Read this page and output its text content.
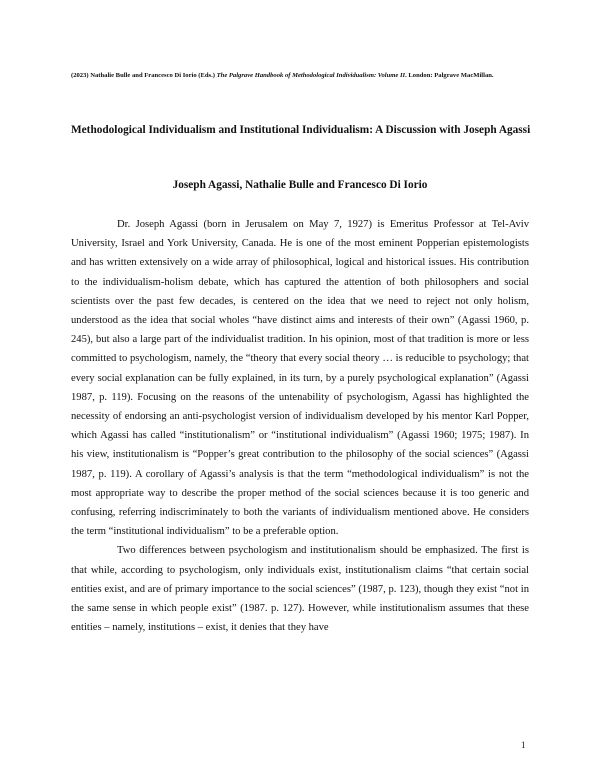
(2023) Nathalie Bulle and Francesco Di Iorio (Eds.) The Palgrave Handbook of Methodological Individualism: Volume II. London: Palgrave MacMillan.
Methodological Individualism and Institutional Individualism: A Discussion with Joseph Agassi
Joseph Agassi, Nathalie Bulle and Francesco Di Iorio

Dr. Joseph Agassi (born in Jerusalem on May 7, 1927) is Emeritus Professor at Tel-Aviv University, Israel and York University, Canada. He is one of the most eminent Popperian epistemologists and has written extensively on a wide array of philosophical, logical and historical issues. His contribution to the individualism-holism debate, which has captured the attention of both philosophers and social scientists over the past few decades, is centered on the idea that we need to reject not only holism, understood as the idea that social wholes “have distinct aims and interests of their own” (Agassi 1960, p. 245), but also a large part of the individualist tradition. In his opinion, most of that tradition is more or less committed to psychologism, namely, the “theory that every social theory … is reducible to psychology; that every social explanation can be fully explained, in its turn, by a purely psychological explanation” (Agassi 1987, p. 119). Focusing on the reasons of the untenability of psychologism, Agassi has highlighted the necessity of endorsing an anti-psychologist version of individualism developed by his mentor Karl Popper, which Agassi has called “institutionalism” or “institutional individualism” (Agassi 1960; 1975; 1987). In his view, institutionalism is “Popper’s great contribution to the philosophy of the social sciences” (Agassi 1987, p. 119). A corollary of Agassi’s analysis is that the term “methodological individualism” is not the most appropriate way to describe the proper method of the social sciences because it is too generic and confusing, referring indiscriminately to both the variants of individualism mentioned above. He considers the term “institutional individualism” to be a preferable option.

Two differences between psychologism and institutionalism should be emphasized. The first is that while, according to psychologism, only individuals exist, institutionalism claims “that certain social entities exist, and are of primary importance to the social sciences” (1987, p. 123), though they exist “not in the same sense in which people exist” (1987. p. 127). However, while institutionalism assumes that these entities – namely, institutions – exist, it denies that they have

1
